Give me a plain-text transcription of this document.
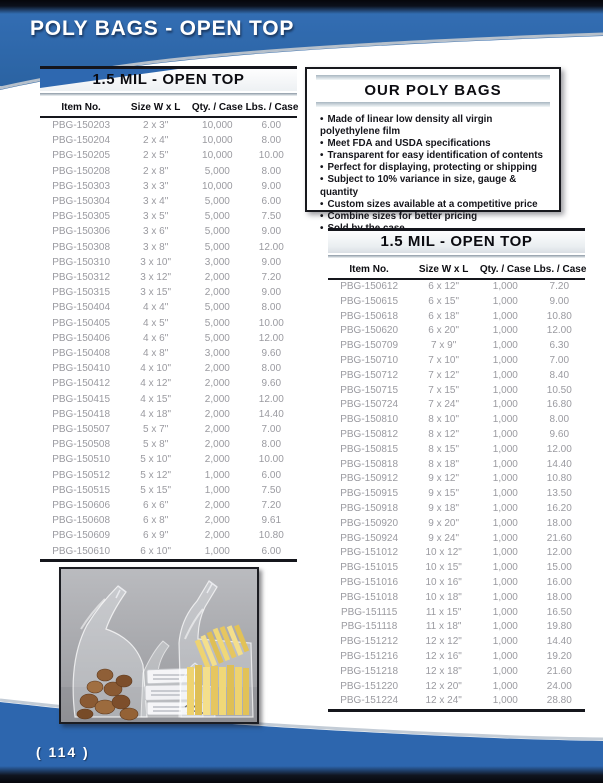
POLY BAGS - OPEN TOP
1.5 MIL - OPEN TOP
Item No.	Size W x L	Qty. / Case	Lbs. / Case
PBG-150203	2 x 3"	10,000	6.00
PBG-150204	2 x 4"	10,000	8.00
PBG-150205	2 x 5"	10,000	10.00
PBG-150208	2 x 8"	5,000	8.00
PBG-150303	3 x 3"	10,000	9.00
PBG-150304	3 x 4"	5,000	6.00
PBG-150305	3 x 5"	5,000	7.50
PBG-150306	3 x 6"	5,000	9.00
PBG-150308	3 x 8"	5,000	12.00
PBG-150310	3 x 10"	3,000	9.00
PBG-150312	3 x 12"	2,000	7.20
PBG-150315	3 x 15"	2,000	9.00
PBG-150404	4 x 4"	5,000	8.00
PBG-150405	4 x 5"	5,000	10.00
PBG-150406	4 x 6"	5,000	12.00
PBG-150408	4 x 8"	3,000	9.60
PBG-150410	4 x 10"	2,000	8.00
PBG-150412	4 x 12"	2,000	9.60
PBG-150415	4 x 15"	2,000	12.00
PBG-150418	4 x 18"	2,000	14.40
PBG-150507	5 x 7"	2,000	7.00
PBG-150508	5 x 8"	2,000	8.00
PBG-150510	5 x 10"	2,000	10.00
PBG-150512	5 x 12"	1,000	6.00
PBG-150515	5 x 15"	1,000	7.50
PBG-150606	6 x 6"	2,000	7.20
PBG-150608	6 x 8"	2,000	9.61
PBG-150609	6 x 9"	2,000	10.80
PBG-150610	6 x 10"	1,000	6.00
OUR POLY BAGS
• Made of linear low density all virgin polyethylene film
• Meet FDA and USDA specifications
• Transparent for easy identification of contents
• Perfect for displaying, protecting or shipping
• Subject to 10% variance in size, gauge & quantity
• Custom sizes available at a competitive price
• Combine sizes for better pricing
•
1.5 MIL - OPEN TOP
Item No.	Size W x L	Qty. / Case	Lbs. / Case
PBG-150612	6 x 12"	1,000	7.20
PBG-150615	6 x 15"	1,000	9.00
PBG-150618	6 x 18"	1,000	10.80
PBG-150620	6 x 20"	1,000	12.00
PBG-150709	7 x 9"	1,000	6.30
PBG-150710	7 x 10"	1,000	7.00
PBG-150712	7 x 12"	1,000	8.40
PBG-150715	7 x 15"	1,000	10.50
PBG-150724	7 x 24"	1,000	16.80
PBG-150810	8 x 10"	1,000	8.00
PBG-150812	8 x 12"	1,000	9.60
PBG-150815	8 x 15"	1,000	12.00
PBG-150818	8 x 18"	1,000	14.40
PBG-150912	9 x 12"	1,000	10.80
PBG-150915	9 x 15"	1,000	13.50
PBG-150918	9 x 18"	1,000	16.20
PBG-150920	9 x 20"	1,000	18.00
PBG-150924	9 x 24"	1,000	21.60
PBG-151012	10 x 12"	1,000	12.00
PBG-151015	10 x 15"	1,000	15.00
PBG-151016	10 x 16"	1,000	16.00
PBG-151018	10 x 18"	1,000	18.00
PBG-151115	11 x 15"	1,000	16.50
PBG-151118	11 x 18"	1,000	19.80
PBG-151212	12 x 12"	1,000	14.40
PBG-151216	12 x 16"	1,000	19.20
PBG-151218	12 x 18"	1,000	21.60
PBG-151220	12 x 20"	1,000	24.00
PBG-151224	12 x 24"	1,000	28.80
( 114 )
